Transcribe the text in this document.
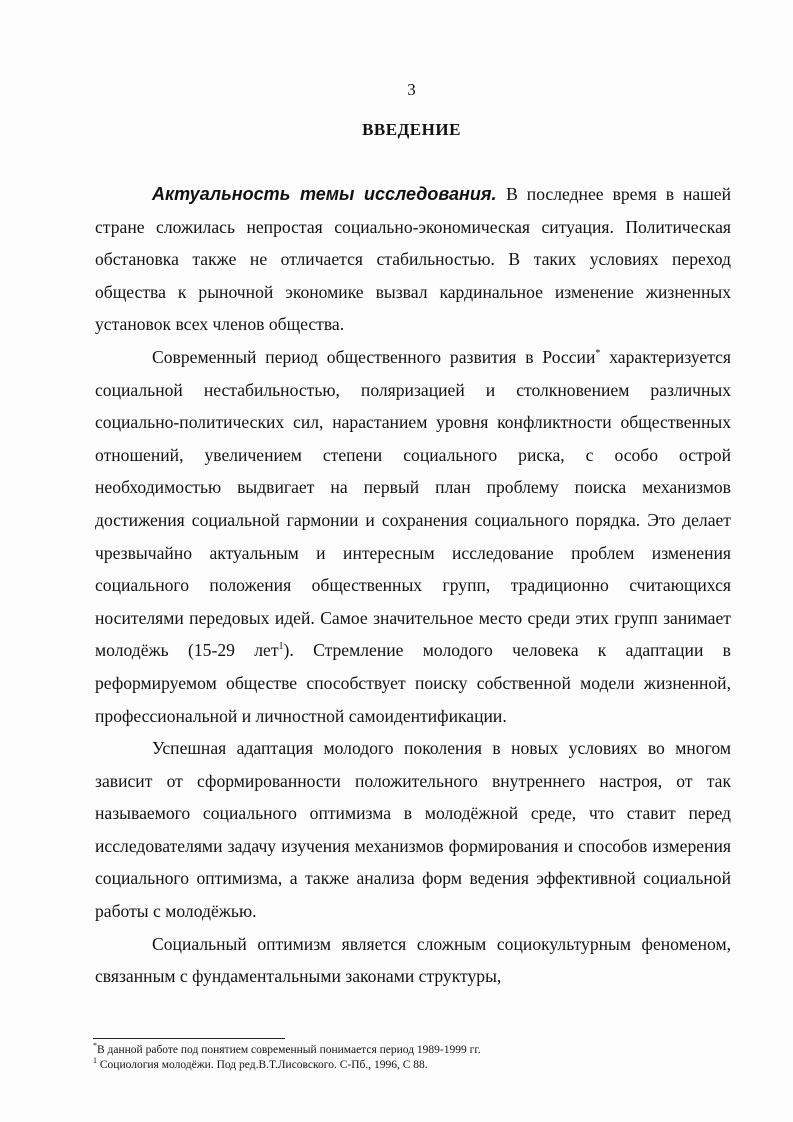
3
ВВЕДЕНИЕ

Актуальность темы исследования. В последнее время в нашей стране сложилась непростая социально-экономическая ситуация. Политическая обстановка также не отличается стабильностью. В таких условиях переход общества к рыночной экономике вызвал кардинальное изменение жизненных установок всех членов общества.

Современный период общественного развития в России* характеризуется социальной нестабильностью, поляризацией и столкновением различных социально-политических сил, нарастанием уровня конфликтности общественных отношений, увеличением степени социального риска, с особо острой необходимостью выдвигает на первый план проблему поиска механизмов достижения социальной гармонии и сохранения социального порядка. Это делает чрезвычайно актуальным и интересным исследование проблем изменения социального положения общественных групп, традиционно считающихся носителями передовых идей. Самое значительное место среди этих групп занимает молодёжь (15-29 лет$^1$). Стремление молодого человека к адаптации в реформируемом обществе способствует поиску собственной модели жизненной, профессиональной и личностной самоидентификации.

Успешная адаптация молодого поколения в новых условиях во многом зависит от сформированности положительного внутреннего настроя, от так называемого социального оптимизма в молодёжной среде, что ставит перед исследователями задачу изучения механизмов формирования и способов измерения социального оптимизма, а также анализа форм ведения эффективной социальной работы с молодёжью.

Социальный оптимизм является сложным социокультурным феноменом, связанным с фундаментальными законами структуры,

*В данной работе под понятием современный понимается период 1989-1999 гг.

$^1$ Социология молодёжи. Под ред.В.Т.Лисовского. С-Пб., 1996, С 88.
